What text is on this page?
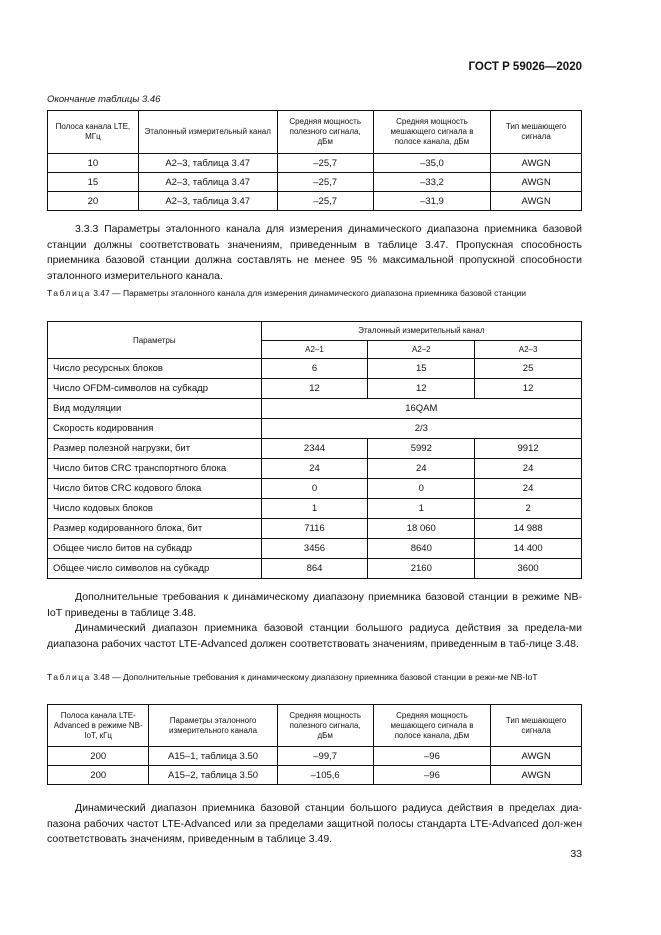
ГОСТ Р 59026—2020
Окончание таблицы 3.46
Полоса канала LTE, МГц	Эталонный измерительный канал	Средняя мощность полезного сигнала, дБм	Средняя мощность мешающего сигнала в полосе канала, дБм	Тип мешающего сигнала
10	А2–3, таблица 3.47	–25,7	–35,0	AWGN
15	А2–3, таблица 3.47	–25,7	–33,2	AWGN
20	А2–3, таблица 3.47	–25,7	–31,9	AWGN
3.3.3 Параметры эталонного канала для измерения динамического диапазона приемника базовой станции должны соответствовать значениям, приведенным в таблице 3.47. Пропускная способность приемника базовой станции должна составлять не менее 95 % максимальной пропускной способности эталонного измерительного канала.
Таблица 3.47 — Параметры эталонного канала для измерения динамического диапазона приемника базовой станции
Параметры	Эталонный измерительный канал		
	А2–1	А2–2	А2–3
Число ресурсных блоков	6	15	25
Число OFDM-символов на субкадр	12	12	12
Вид модуляции	16QAM		
Скорость кодирования	2/3		
Размер полезной нагрузки, бит	2344	5992	9912
Число битов CRC транспортного блока	24	24	24
Число битов CRC кодового блока	0	0	24
Число кодовых блоков	1	1	2
Размер кодированного блока, бит	7116	18 060	14 988
Общее число битов на субкадр	3456	8640	14 400
Общее число символов на субкадр	864	2160	3600
Дополнительные требования к динамическому диапазону приемника базовой станции в режиме NB-IoT приведены в таблице 3.48.
Динамический диапазон приемника базовой станции большого радиуса действия за предела-ми диапазона рабочих частот LTE-Advanced должен соответствовать значениям, приведенным в таб-лице 3.48.
Таблица 3.48 — Дополнительные требования к динамическому диапазону приемника базовой станции в режи-ме NB-IoT
Полоса канала LTE-Advanced в режиме NB-IoT, кГц	Параметры эталонного измерительного канала	Средняя мощность полезного сигнала, дБм	Средняя мощность мешающего сигнала в полосе канала, дБм	Тип мешающего сигнала
200	А15–1, таблица 3.50	–99,7	–96	AWGN
200	А15–2, таблица 3.50	–105,6	–96	AWGN
Динамический диапазон приемника базовой станции большого радиуса действия в пределах диа-пазона рабочих частот LTE-Advanced или за пределами защитной полосы стандарта LTE-Advanced дол-жен соответствовать значениям, приведенным в таблице 3.49.
33
